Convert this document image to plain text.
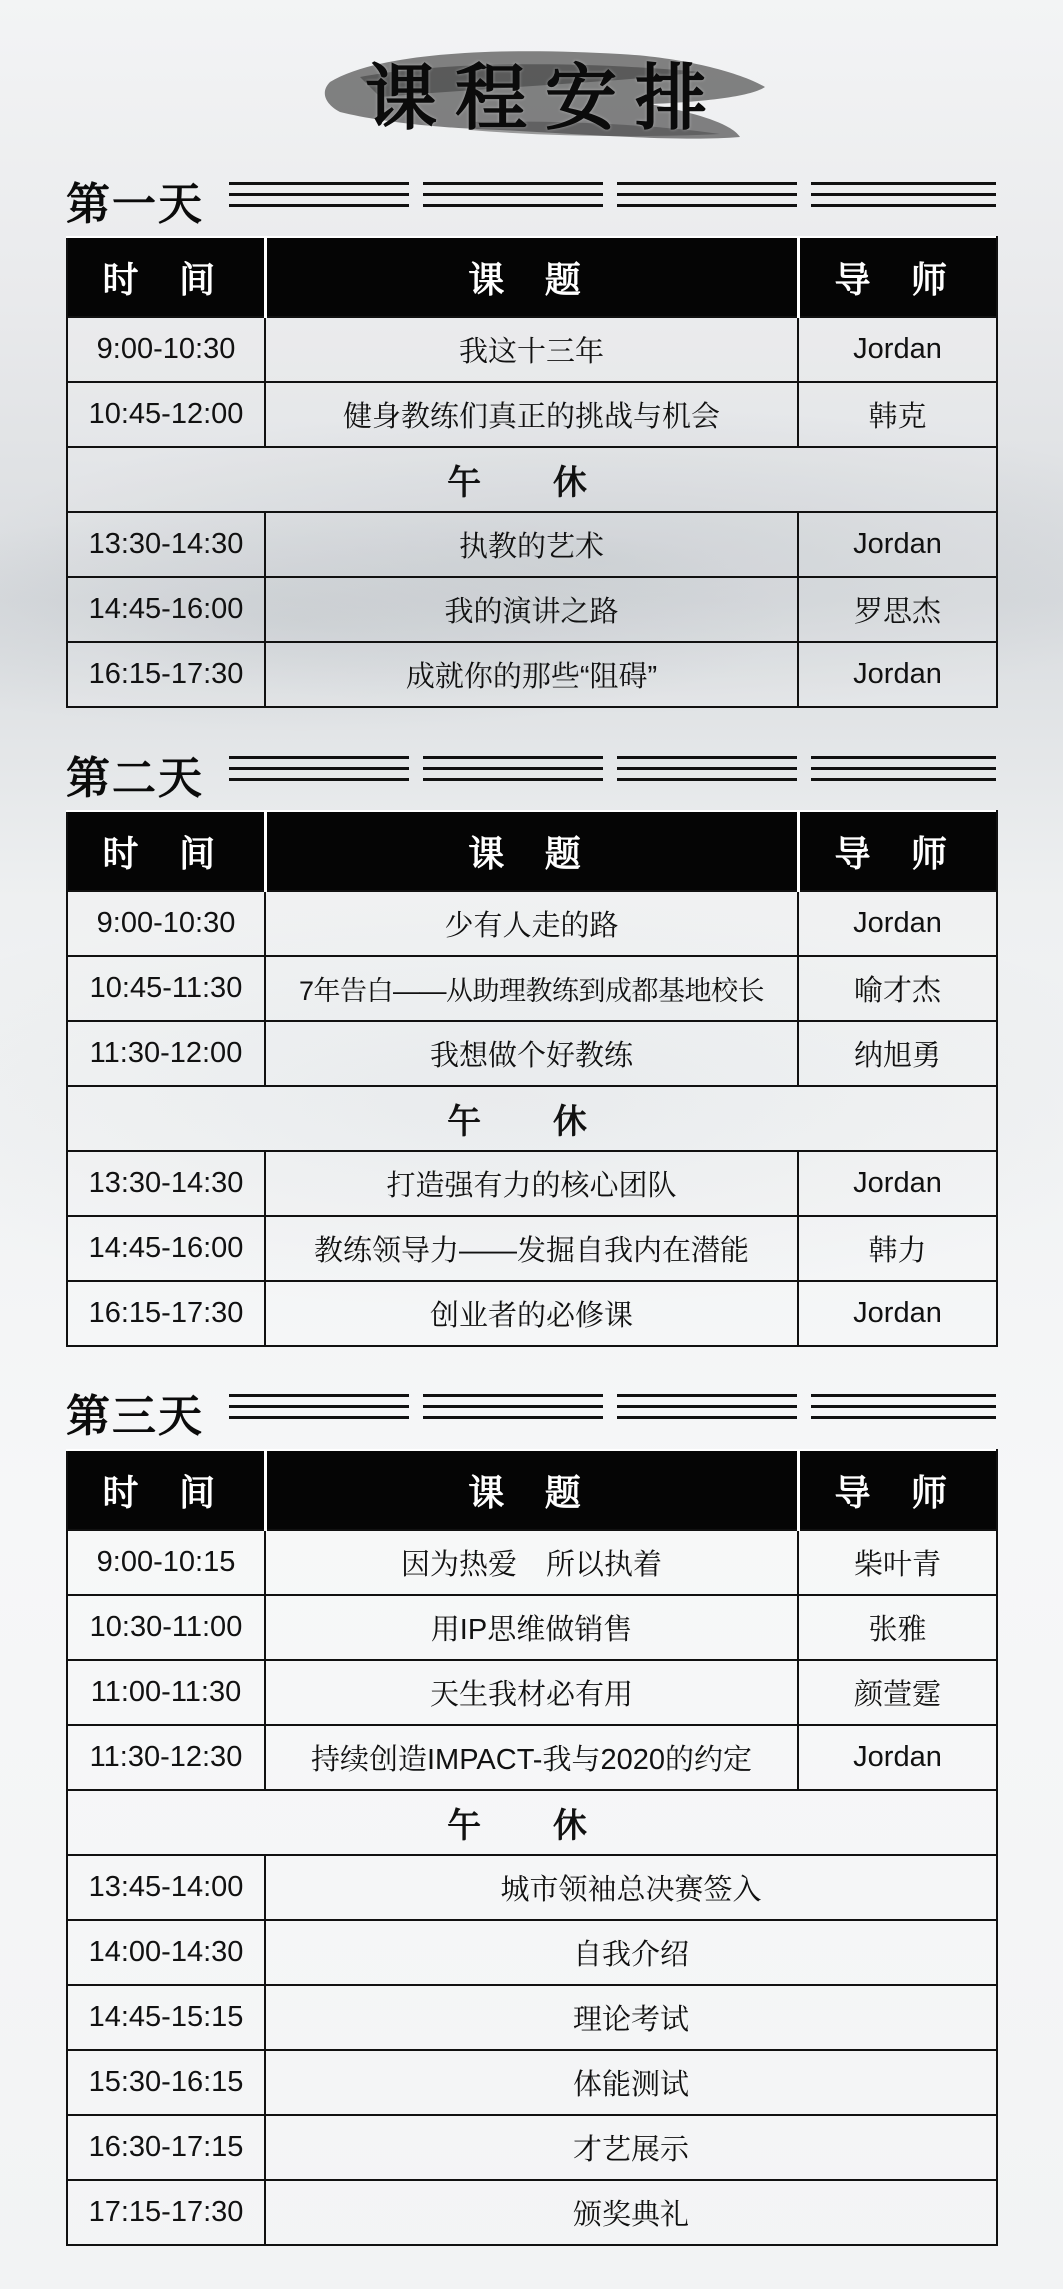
课程安排
第一天
时 间	课 题	导 师
9:00-10:30	我这十三年	Jordan
10:45-12:00	健身教练们真正的挑战与机会	韩克
午 休		
13:30-14:30	执教的艺术	Jordan
14:45-16:00	我的演讲之路	罗思杰
16:15-17:30	成就你的那些“阻碍”	Jordan
第二天
时 间	课 题	导 师
9:00-10:30	少有人走的路	Jordan
10:45-11:30	7年告白——从助理教练到成都基地校长	喻才杰
11:30-12:00	我想做个好教练	纳旭勇
午 休		
13:30-14:30	打造强有力的核心团队	Jordan
14:45-16:00	教练领导力——发掘自我内在潜能	韩力
16:15-17:30	创业者的必修课	Jordan
第三天
时 间	课 题	导 师
9:00-10:15	因为热爱　所以执着	柴叶青
10:30-11:00	用IP思维做销售	张雅
11:00-11:30	天生我材必有用	颜萱霆
11:30-12:30	持续创造IMPACT-我与2020的约定	Jordan
午 休		
13:45-14:00	城市领袖总决赛签入	
14:00-14:30	自我介绍	
14:45-15:15	理论考试	
15:30-16:15	体能测试	
16:30-17:15	才艺展示	
17:15-17:30	颁奖典礼	
